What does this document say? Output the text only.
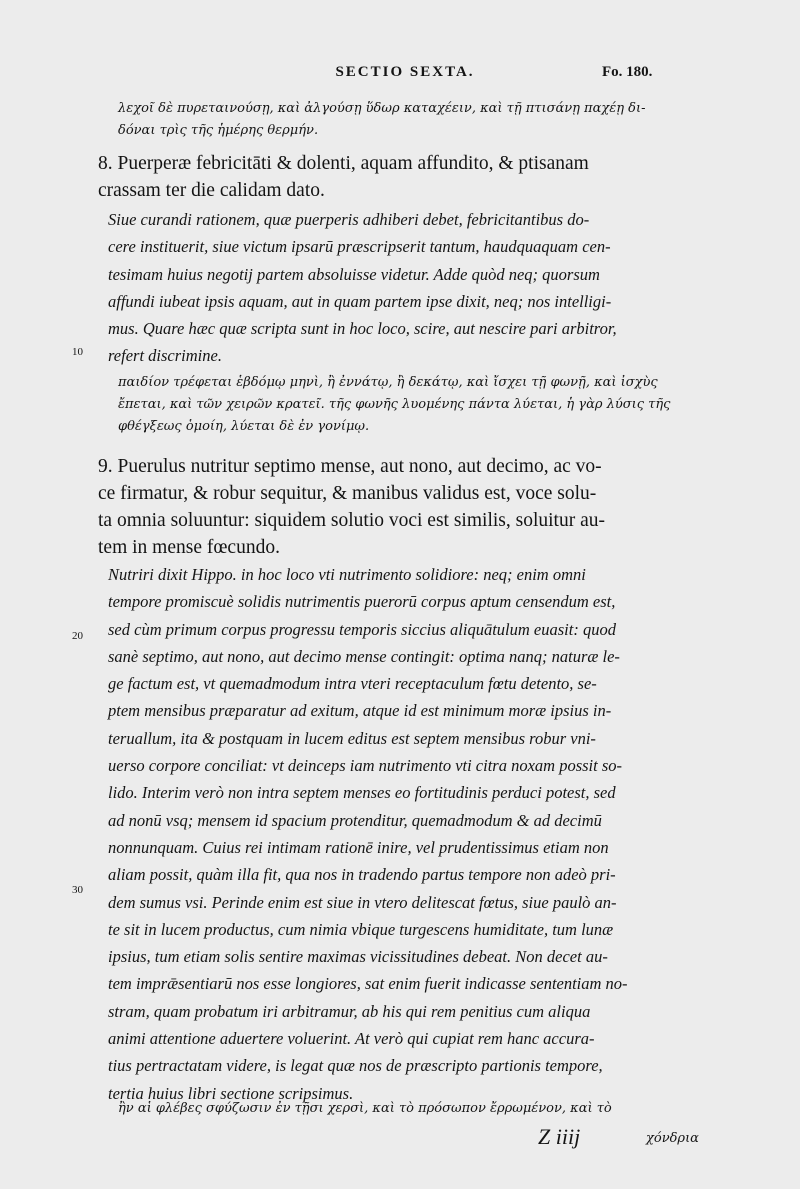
SECTIO SEXTA.	Fo. 180.
λεχοῖ δὲ πυρεταινούσῃ, καὶ ἀλγούσῃ ὕδωρ καταχέειν, καὶ τῇ πτισάνῃ παχέῃ δι-
δόναι τρὶς τῆς ἡμέρης θερμήν.
8. Puerperæ febricitāti & dolenti, aquam affundito, & ptisanam
crassam ter die calidam dato.
Siue curandi rationem, quæ puerperis adhiberi debet, febricitantibus do-
cere instituerit, siue victum ipsarū præscripserit tantum, haudquaquam cen-
tesimam huius negotij partem absoluisse videtur. Adde quòd neq; quorsum
affundi iubeat ipsis aquam, aut in quam partem ipse dixit, neq; nos intelligi-
mus. Quare hæc quæ scripta sunt in hoc loco, scire, aut nescire pari arbitror,
refert discrimine.
10
παιδίον τρέφεται ἑβδόμῳ μηνὶ, ἢ ἐννάτῳ, ἢ δεκάτῳ, καὶ ἴσχει τῇ φωνῇ, καὶ ἰσχὺς
ἔπεται, καὶ τῶν χειρῶν κρατεῖ. τῆς φωνῆς λυομένης πάντα λύεται, ἡ γὰρ λύσις τῆς
φθέγξεως ὁμοίη, λύεται δὲ ἐν γονίμῳ.
9. Puerulus nutritur septimo mense, aut nono, aut decimo, ac vo-
ce firmatur, & robur sequitur, & manibus validus est, voce solu-
ta omnia soluuntur: siquidem solutio voci est similis, soluitur au-
tem in mense fœcundo.
Nutriri dixit Hippo. in hoc loco vti nutrimento solidiore: neq; enim omni
tempore promiscuè solidis nutrimentis puerorū corpus aptum censendum est,
sed cùm primum corpus progressu temporis siccius aliquātulum euasit: quod
sanè septimo, aut nono, aut decimo mense contingit: optima nanq; naturæ le-
ge factum est, vt quemadmodum intra vteri receptaculum fœtu detento, se-
ptem mensibus præparatur ad exitum, atque id est minimum moræ ipsius in-
teruallum, ita & postquam in lucem editus est septem mensibus robur vni-
uerso corpore conciliat: vt deinceps iam nutrimento vti citra noxam possit so-
lido. Interim verò non intra septem menses eo fortitudinis perduci potest, sed
ad nonū vsq; mensem id spacium protenditur, quemadmodum & ad decimū
nonnunquam. Cuius rei intimam rationē inire, vel prudentissimus etiam non
aliam possit, quàm illa fit, qua nos in tradendo partus tempore non adeò pri-
dem sumus vsi. Perinde enim est siue in vtero delitescat fœtus, siue paulò an-
te sit in lucem productus, cum nimia vbique turgescens humiditate, tum lunæ
ipsius, tum etiam solis sentire maximas vicissitudines debeat. Non decet au-
tem imprǣsentiarū nos esse longiores, sat enim fuerit indicasse sententiam no-
stram, quam probatum iri arbitramur, ab his qui rem penitius cum aliqua
animi attentione aduertere voluerint. At verò qui cupiat rem hanc accura-
tius pertractatam videre, is legat quæ nos de præscripto partionis tempore,
tertia huius libri sectione scripsimus.
20
30
ἢν αἱ φλέβες σφύζωσιν ἐν τῇσι χερσὶ, καὶ τὸ πρόσωπον ἔρρωμένον, καὶ τὸ
Z iiij	χόνδρια
